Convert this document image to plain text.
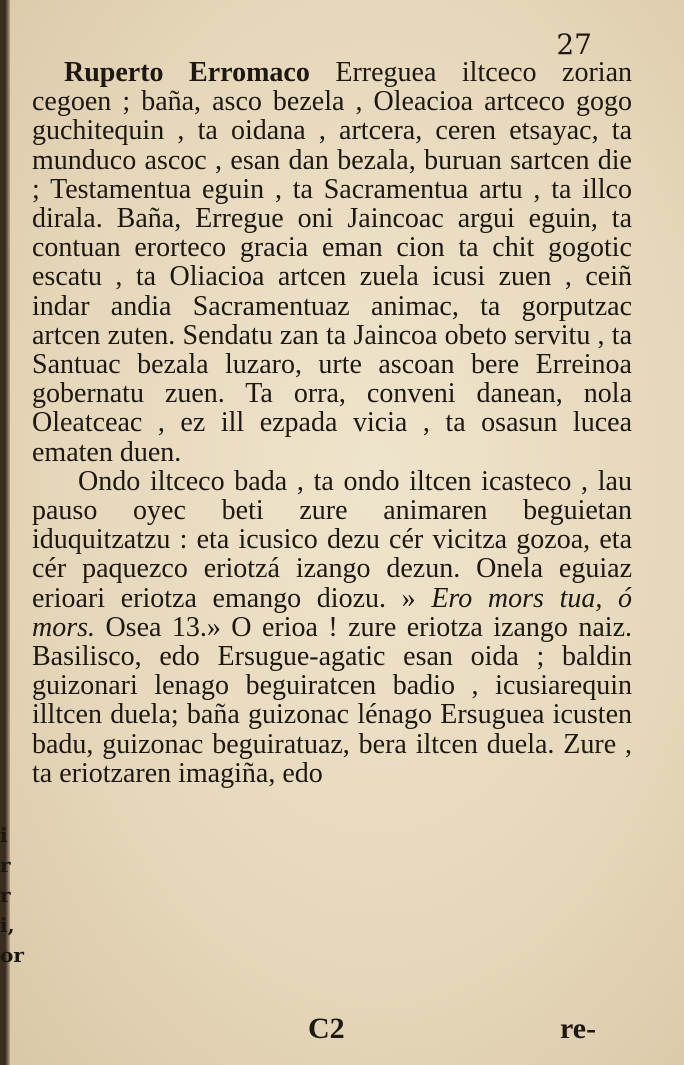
i
r
r
i,
or
27

Ruperto Erromaco Erreguea iltceco zorian cegoen ; baña, asco bezela , Oleacioa artceco gogo guchitequin , ta oidana , artcera, ceren etsayac, ta munduco ascoc , esan dan bezala, buruan sartcen die ; Testamentua eguin , ta Sacramentua artu , ta illco dirala. Baña, Erregue oni Jaincoac argui eguin, ta contuan erorteco gracia eman cion ta chit gogotic escatu , ta Oliacioa artcen zuela icusi zuen , ceiñ indar andia Sacramentuaz animac, ta gorputzac artcen zuten. Sendatu zan ta Jaincoa obeto servitu , ta Santuac bezala luzaro, urte ascoan bere Erreinoa gobernatu zuen. Ta orra, conveni danean, nola Oleatceac , ez ill ezpada vicia , ta osasun lucea ematen duen.

Ondo iltceco bada , ta ondo iltcen icasteco , lau pauso oyec beti zure animaren beguietan iduquitzatzu : eta icusico dezu cér vicitza gozoa, eta cér paquezco eriotzá izango dezun. Onela eguiaz erioari eriotza emango diozu. » Ero mors tua, ó mors. Osea 13.» O erioa ! zure eriotza izango naiz. Basilisco, edo Ersugue-agatic esan oida ; baldin guizonari lenago beguiratcen badio , icusiarequin illtcen duela; baña guizonac lénago Ersuguea icusten badu, guizonac beguiratuaz, bera iltcen duela. Zure , ta eriotzaren imagiña, edo

C2	re-
